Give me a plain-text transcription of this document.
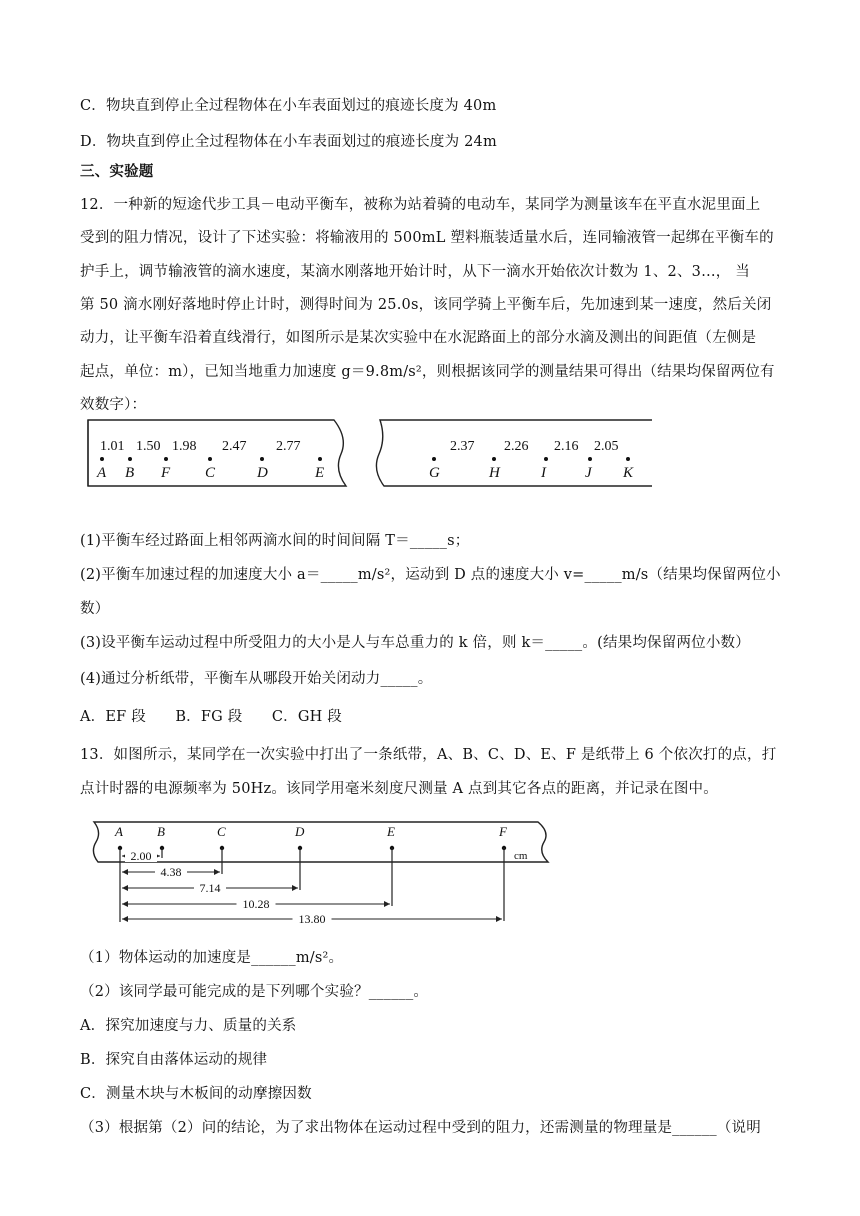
C．物块直到停止全过程物体在小车表面划过的痕迹长度为 40m
D．物块直到停止全过程物体在小车表面划过的痕迹长度为 24m
三、实验题
12．一种新的短途代步工具－电动平衡车，被称为站着骑的电动车，某同学为测量该车在平直水泥里面上
受到的阻力情况，设计了下述实验：将输液用的 500mL 塑料瓶装适量水后，连同输液管一起绑在平衡车的
护手上，调节输液管的滴水速度，某滴水刚落地开始计时，从下一滴水开始依次计数为 1、2、3…， 当
第 50 滴水刚好落地时停止计时，测得时间为 25.0s，该同学骑上平衡车后，先加速到某一速度，然后关闭
动力，让平衡车沿着直线滑行，如图所示是某次实验中在水泥路面上的部分水滴及测出的间距值（左侧是
起点，单位：m），已知当地重力加速度 g＝9.8m/s²，则根据该同学的测量结果可得出（结果均保留两位有
效数字）：
1.01 1.50 1.98 2.47 2.77
A B F C	D	E
2.37 2.26 2.16 2.05
G	H	I	J K
(1)平衡车经过路面上相邻两滴水间的时间间隔 T＝_____s；
(2)平衡车加速过程的加速度大小 a＝_____m/s²，运动到 D 点的速度大小 v=_____m/s（结果均保留两位小
数）
(3)设平衡车运动过程中所受阻力的大小是人与车总重力的 k 倍，则 k＝_____。(结果均保留两位小数）
(4)通过分析纸带，平衡车从哪段开始关闭动力_____。
A．EF 段　　B．FG 段　　C．GH 段
13．如图所示，某同学在一次实验中打出了一条纸带，A、B、C、D、E、F 是纸带上 6 个依次打的点，打
点计时器的电源频率为 50Hz。该同学用毫米刻度尺测量 A 点到其它各点的距离，并记录在图中。
A	B	C	D	E	F
cm
2.00
4.38
7.14
10.28
13.80
（1）物体运动的加速度是______m/s²。
（2）该同学最可能完成的是下列哪个实验？______。
A．探究加速度与力、质量的关系
B．探究自由落体运动的规律
C．测量木块与木板间的动摩擦因数
（3）根据第（2）问的结论，为了求出物体在运动过程中受到的阻力，还需测量的物理量是______（说明
